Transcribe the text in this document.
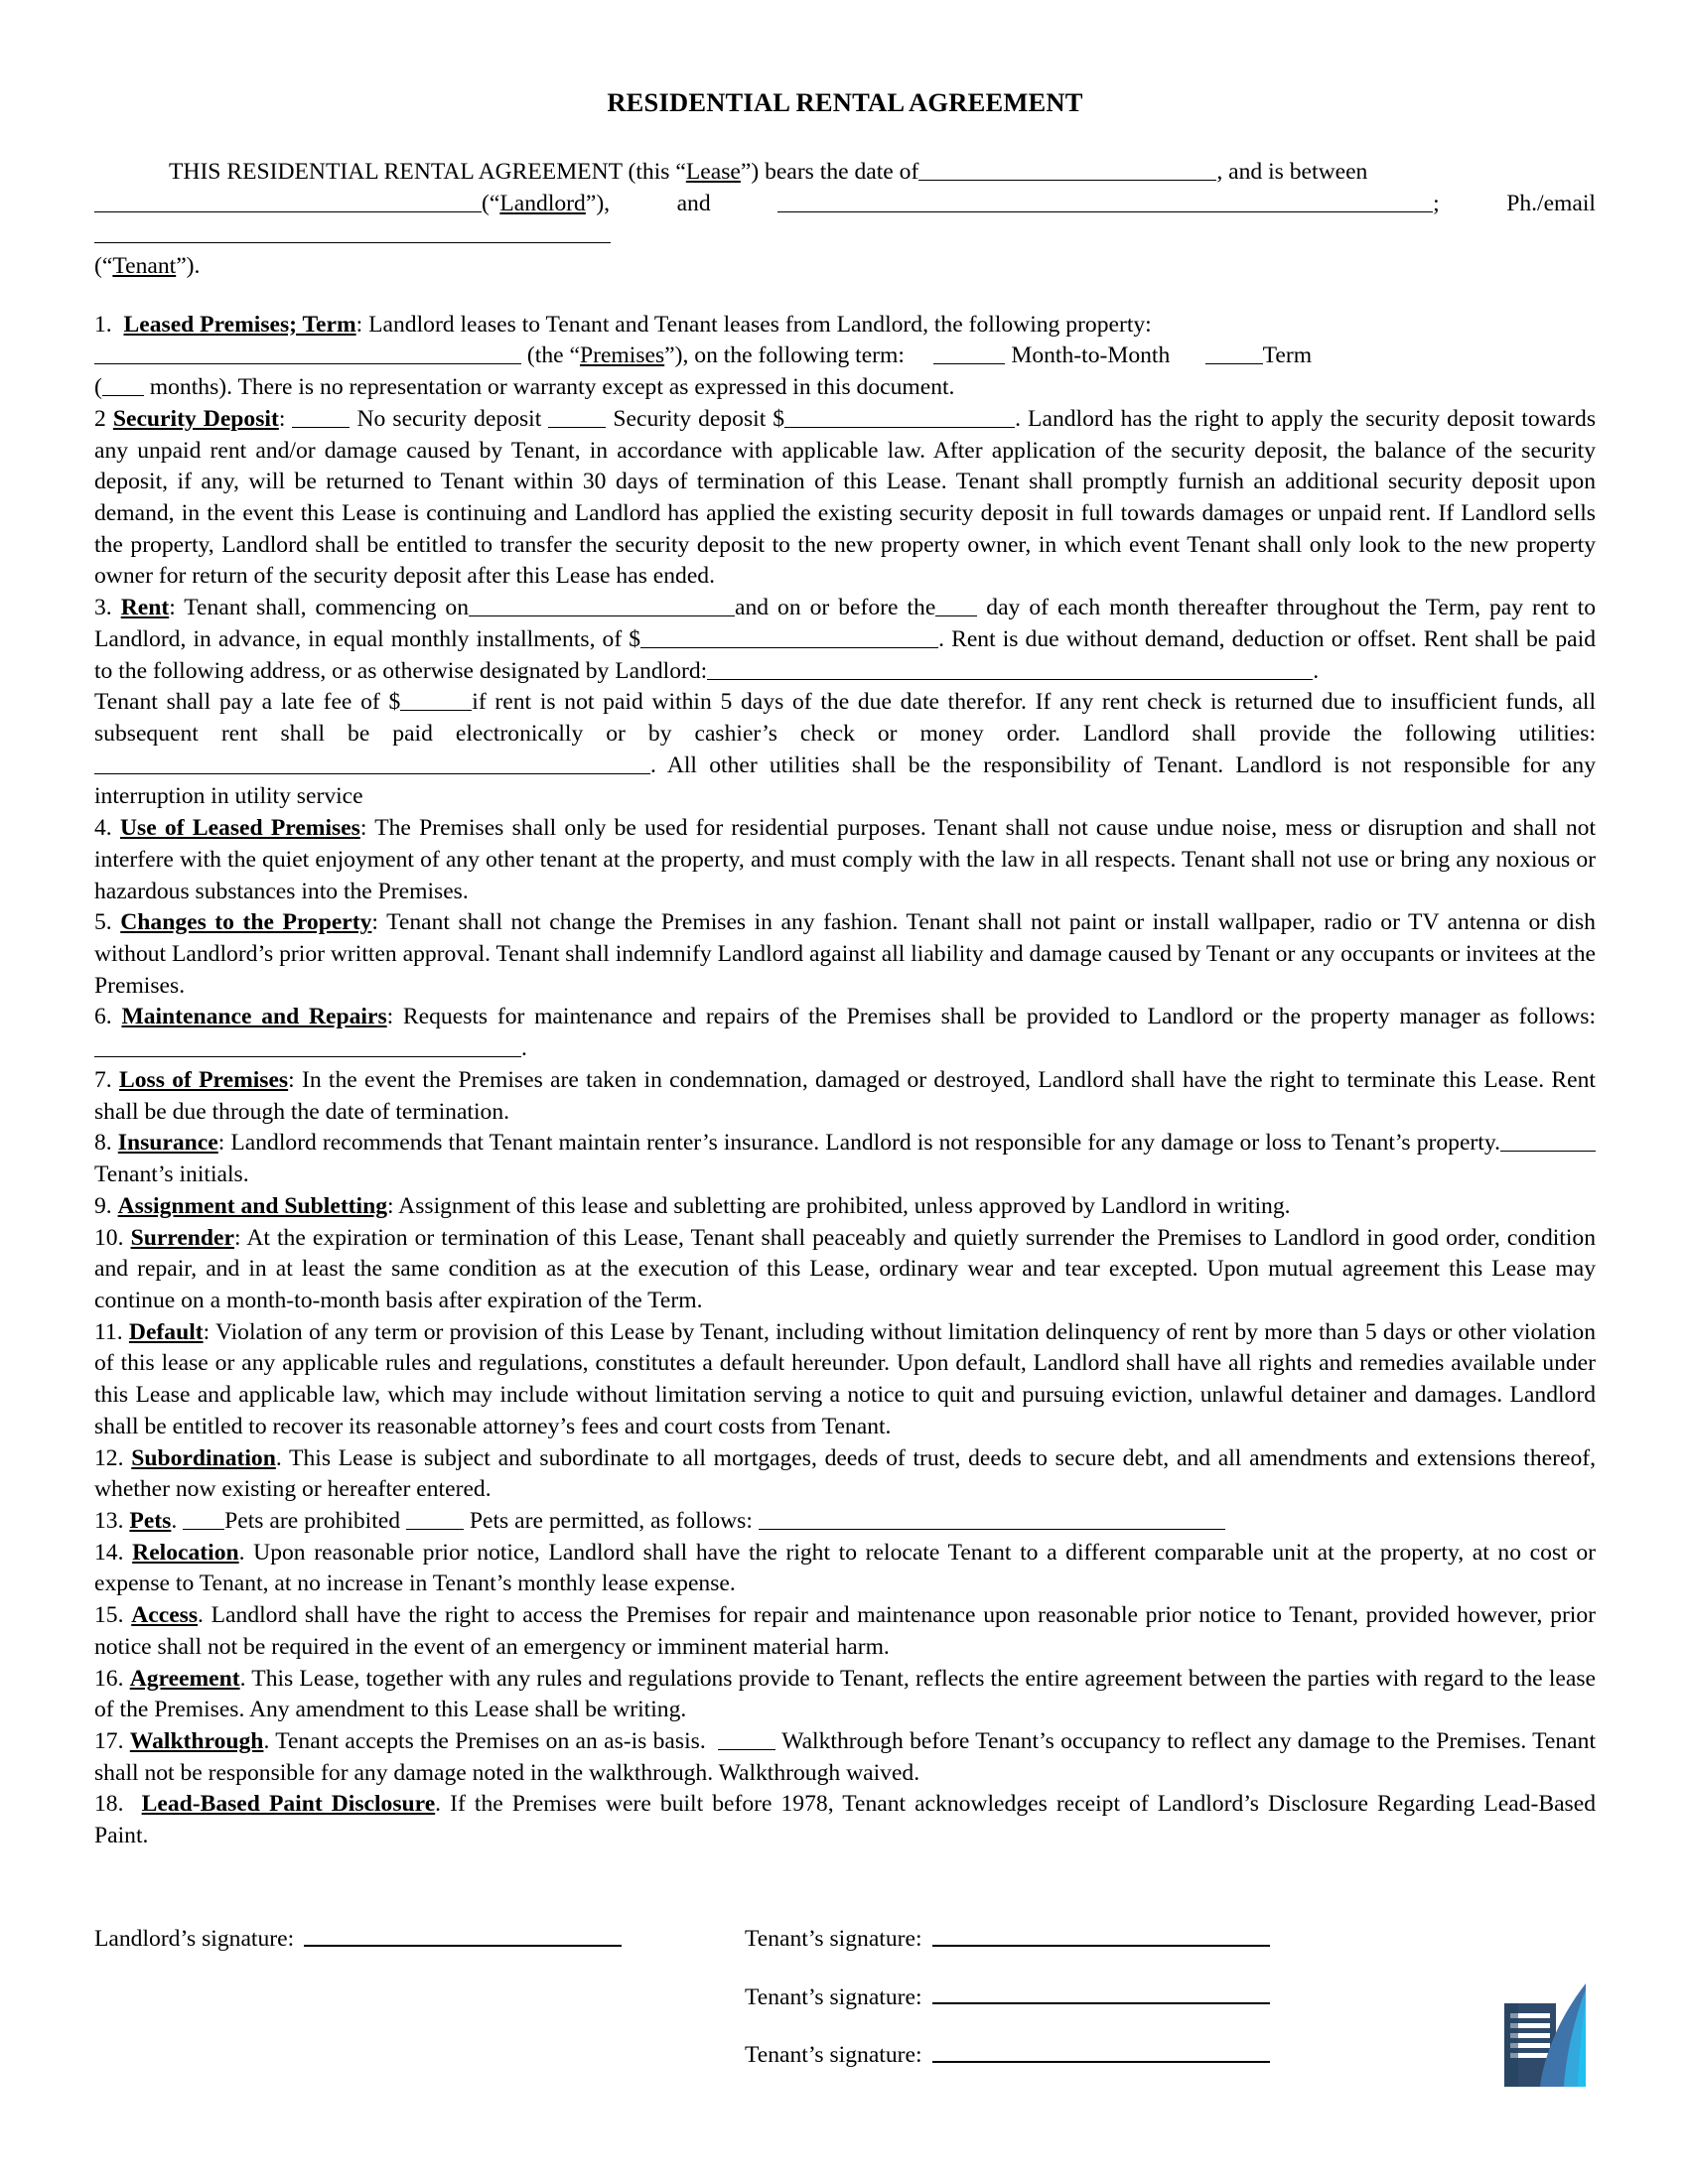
RESIDENTIAL RENTAL AGREEMENT

THIS RESIDENTIAL RENTAL AGREEMENT (this “Lease”) bears the date of	, and is between

(“Landlord”), and	; Ph./email

(“Tenant”).

1. Leased Premises; Term: Landlord leases to Tenant and Tenant leases from Landlord, the following property:
(the “Premises”), on the following term:	Month-to-Month	Term
( months). There is no representation or warranty except as expressed in this document.

2 Security Deposit:	No security deposit	Security deposit $	. Landlord has the right to apply the security deposit towards any unpaid rent and/or damage caused by Tenant, in accordance with applicable law. After application of the security deposit, the balance of the security deposit, if any, will be returned to Tenant within 30 days of termination of this Lease. Tenant shall promptly furnish an additional security deposit upon demand, in the event this Lease is continuing and Landlord has applied the existing security deposit in full towards damages or unpaid rent. If Landlord sells the property, Landlord shall be entitled to transfer the security deposit to the new property owner, in which event Tenant shall only look to the new property owner for return of the security deposit after this Lease has ended.

3. Rent: Tenant shall, commencing on	and on or before the day of each month thereafter throughout the Term, pay rent to Landlord, in advance, in equal monthly installments, of $	. Rent is due without demand, deduction or offset. Rent shall be paid to the following address, or as otherwise designated by Landlord:	.
Tenant shall pay a late fee of $	if rent is not paid within 5 days of the due date therefor. If any rent check is returned due to insufficient funds, all subsequent rent shall be paid electronically or by cashier’s check or money order. Landlord shall provide the following utilities:. All other utilities shall be the responsibility of Tenant. Landlord is not responsible for any interruption in utility service

4. Use of Leased Premises: The Premises shall only be used for residential purposes. Tenant shall not cause undue noise, mess or disruption and shall not interfere with the quiet enjoyment of any other tenant at the property, and must comply with the law in all respects. Tenant shall not use or bring any noxious or hazardous substances into the Premises.

5. Changes to the Property: Tenant shall not change the Premises in any fashion. Tenant shall not paint or install wallpaper, radio or TV antenna or dish without Landlord’s prior written approval. Tenant shall indemnify Landlord against all liability and damage caused by Tenant or any occupants or invitees at the Premises.

6. Maintenance and Repairs: Requests for maintenance and repairs of the Premises shall be provided to Landlord or the property manager as follows:.

7. Loss of Premises: In the event the Premises are taken in condemnation, damaged or destroyed, Landlord shall have the right to terminate this Lease. Rent shall be due through the date of termination.

8. Insurance: Landlord recommends that Tenant maintain renter’s insurance. Landlord is not responsible for any damage or loss to Tenant’s property.Tenant’s initials.

9. Assignment and Subletting: Assignment of this lease and subletting are prohibited, unless approved by Landlord in writing.

10. Surrender: At the expiration or termination of this Lease, Tenant shall peaceably and quietly surrender the Premises to Landlord in good order, condition and repair, and in at least the same condition as at the execution of this Lease, ordinary wear and tear excepted. Upon mutual agreement this Lease may continue on a month-to-month basis after expiration of the Term.

11. Default: Violation of any term or provision of this Lease by Tenant, including without limitation delinquency of rent by more than 5 days or other violation of this lease or any applicable rules and regulations, constitutes a default hereunder. Upon default, Landlord shall have all rights and remedies available under this Lease and applicable law, which may include without limitation serving a notice to quit and pursuing eviction, unlawful detainer and damages. Landlord shall be entitled to recover its reasonable attorney’s fees and court costs from Tenant.

12. Subordination. This Lease is subject and subordinate to all mortgages, deeds of trust, deeds to secure debt, and all amendments and extensions thereof, whether now existing or hereafter entered.

13. Pets. Pets are prohibited	Pets are permitted, as follows:

14. Relocation. Upon reasonable prior notice, Landlord shall have the right to relocate Tenant to a different comparable unit at the property, at no cost or expense to Tenant, at no increase in Tenant’s monthly lease expense.

15. Access. Landlord shall have the right to access the Premises for repair and maintenance upon reasonable prior notice to Tenant, provided however, prior notice shall not be required in the event of an emergency or imminent material harm.

16. Agreement. This Lease, together with any rules and regulations provide to Tenant, reflects the entire agreement between the parties with regard to the lease of the Premises. Any amendment to this Lease shall be writing.

17. Walkthrough. Tenant accepts the Premises on an as-is basis.	Walkthrough before Tenant’s occupancy to reflect any damage to the Premises. Tenant shall not be responsible for any damage noted in the walkthrough. Walkthrough waived.

18. Lead-Based Paint Disclosure. If the Premises were built before 1978, Tenant acknowledges receipt of Landlord’s Disclosure Regarding Lead-Based Paint.

Landlord’s signature:	Tenant’s signature:
Tenant’s signature:
Tenant’s signature:
